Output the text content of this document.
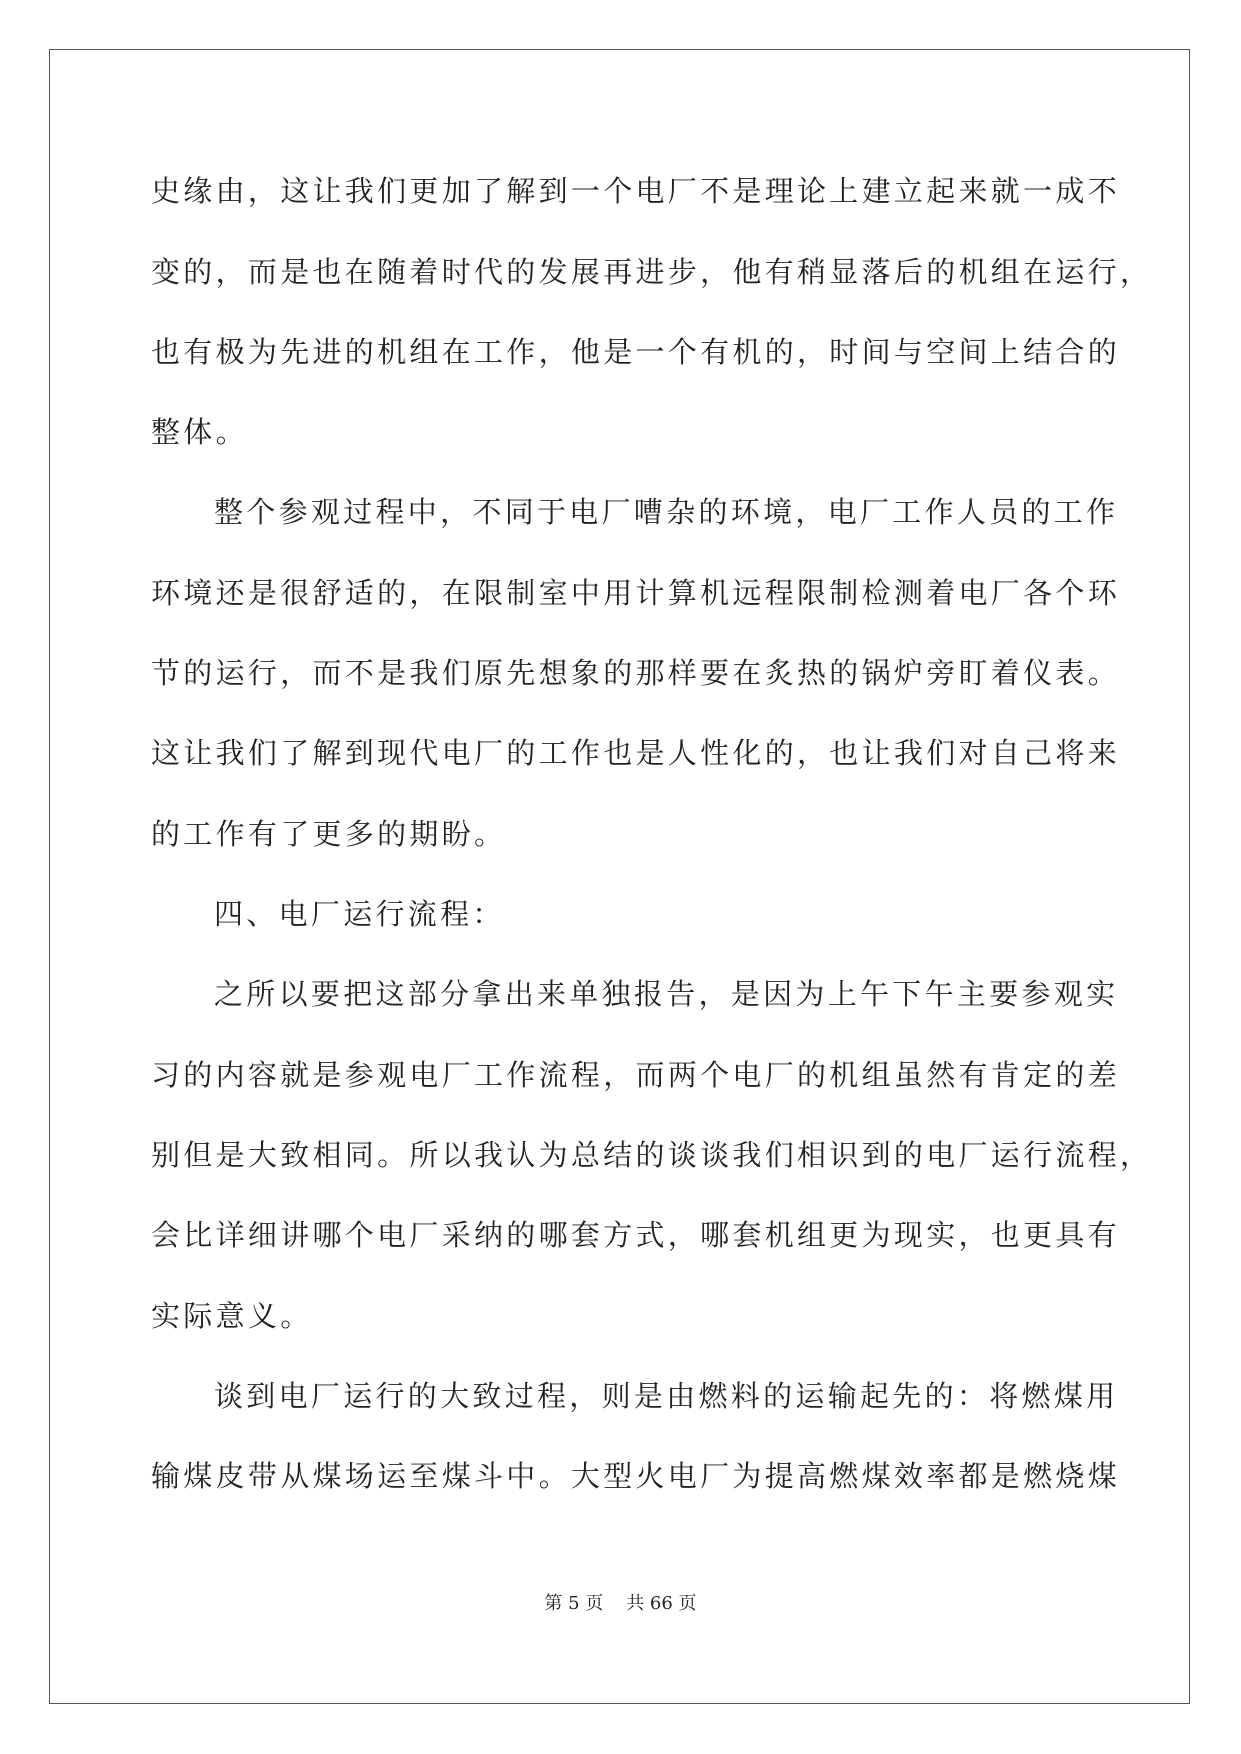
史缘由，这让我们更加了解到一个电厂不是理论上建立起来就一成不
变的，而是也在随着时代的发展再进步，他有稍显落后的机组在运行，
也有极为先进的机组在工作，他是一个有机的，时间与空间上结合的
整体。
整个参观过程中，不同于电厂嘈杂的环境，电厂工作人员的工作
环境还是很舒适的，在限制室中用计算机远程限制检测着电厂各个环
节的运行，而不是我们原先想象的那样要在炙热的锅炉旁盯着仪表。
这让我们了解到现代电厂的工作也是人性化的，也让我们对自己将来
的工作有了更多的期盼。
四、电厂运行流程：
之所以要把这部分拿出来单独报告，是因为上午下午主要参观实
习的内容就是参观电厂工作流程，而两个电厂的机组虽然有肯定的差
别但是大致相同。所以我认为总结的谈谈我们相识到的电厂运行流程，
会比详细讲哪个电厂采纳的哪套方式，哪套机组更为现实，也更具有
实际意义。
谈到电厂运行的大致过程，则是由燃料的运输起先的：将燃煤用
输煤皮带从煤场运至煤斗中。大型火电厂为提高燃煤效率都是燃烧煤
第 5 页    共 66 页
